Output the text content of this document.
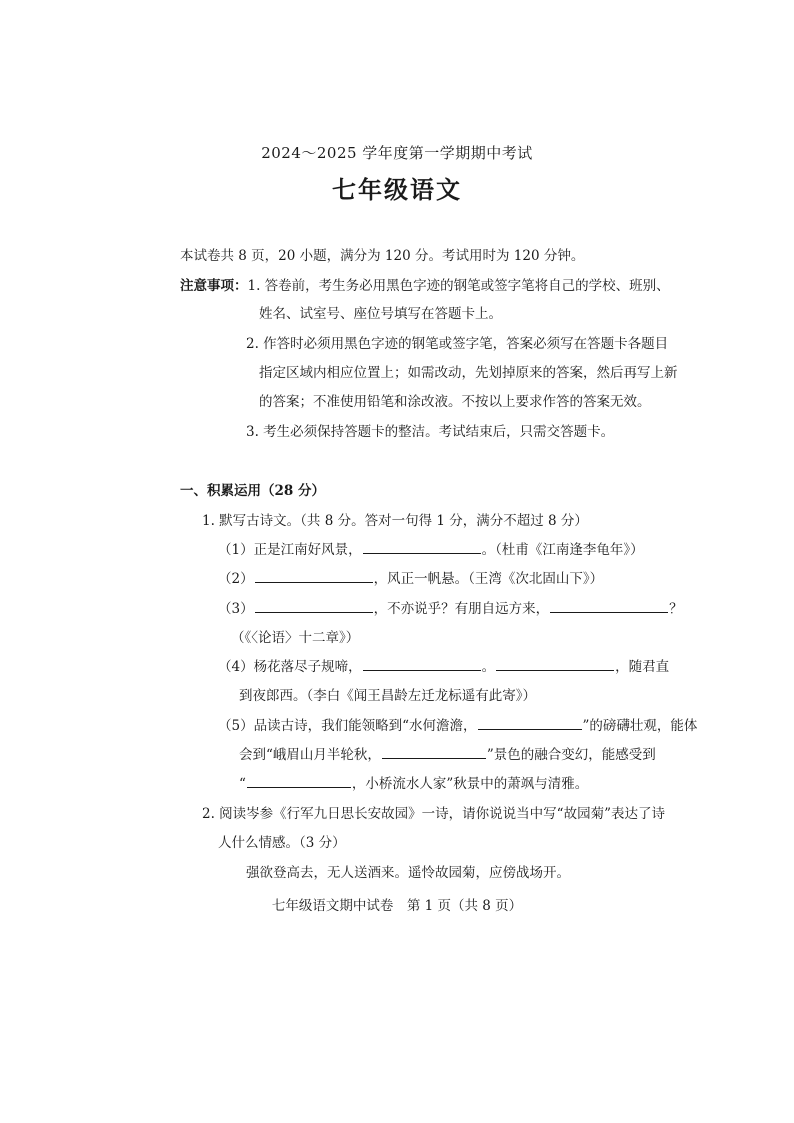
2024～2025 学年度第一学期期中考试
七年级语文
本试卷共 8 页，20 小题，满分为 120 分。考试用时为 120 分钟。
注意事项：1. 答卷前，考生务必用黑色字迹的钢笔或签字笔将自己的学校、班别、
姓名、试室号、座位号填写在答题卡上。
2. 作答时必须用黑色字迹的钢笔或签字笔，答案必须写在答题卡各题目
指定区域内相应位置上；如需改动，先划掉原来的答案，然后再写上新
的答案；不准使用铅笔和涂改液。不按以上要求作答的答案无效。
3. 考生必须保持答题卡的整洁。考试结束后，只需交答题卡。
一、积累运用（28 分）
1. 默写古诗文。（共 8 分。答对一句得 1 分，满分不超过 8 分）
（1）正是江南好风景，	。（杜甫《江南逢李龟年》）
（2）	，风正一帆悬。（王湾《次北固山下》）
（3）	，不亦说乎？有朋自远方来，	？
（《〈论语〉十二章》）
（4）杨花落尽子规啼，	。	，随君直
到夜郎西。（李白《闻王昌龄左迁龙标遥有此寄》）
（5）品读古诗，我们能领略到“水何澹澹，	”的磅礴壮观，能体
会到“峨眉山月半轮秋，	”景色的融合变幻，能感受到
“	，小桥流水人家”秋景中的萧飒与清雅。
2. 阅读岑参《行军九日思长安故园》一诗，请你说说当中写“故园菊”表达了诗
人什么情感。（3 分）
强欲登高去，无人送酒来。遥怜故园菊，应傍战场开。
七年级语文期中试卷　第 1 页（共 8 页）
